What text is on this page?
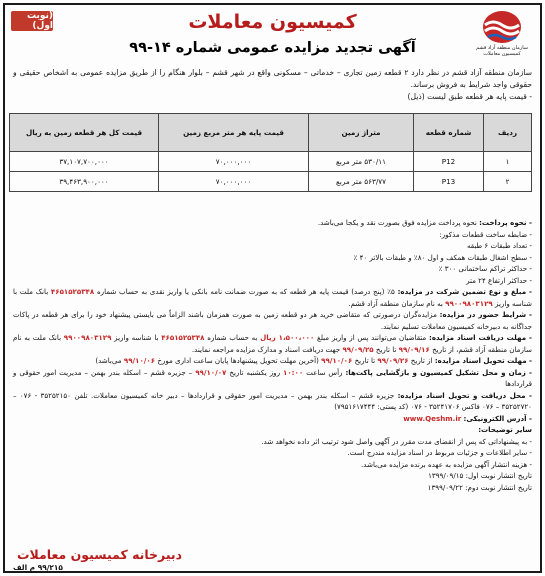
سازمان منطقه آزاد قشم
کمیسیون معاملات
(نوبت اول)	کمیسیون معاملات
آگهی تجدید مزایده عمومی شماره ۱۴-۹۹
سازمان منطقه آزاد قشم در نظر دارد ۲ قطعه زمین تجاری – خدماتی – مسکونی واقع در شهر قشم – بلوار هنگام را از طریق مزایده عمومی به اشخاص حقیقی و حقوقی واجد شرایط به فروش برساند.
- قیمت پایه هر قطعه طبق لیست (ذیل)
ردیف	شماره قطعه	متراژ زمین	قیمت پایه هر متر مربع زمین	قیمت کل هر قطعه زمین به ریال
۱	P12	۵۳۰/۱۱ متر مربع	۷۰,۰۰۰,۰۰۰	۳۷,۱۰۷,۷۰۰,۰۰۰
۲	P13	۵۶۳/۷۷ متر مربع	۷۰,۰۰۰,۰۰۰	۳۹,۴۶۳,۹۰۰,۰۰۰
- نحوه پرداخت: نحوه پرداخت مزایده فوق بصورت نقد و یکجا می‌باشد.
- ضابطه ساخت قطعات مذکور:
- تعداد طبقات ۶ طبقه
- سطح اشغال طبقات همکف و اول ۸۰٪ و طبقات بالاتر ۴۰ ٪
- حداکثر تراکم ساختمانی ۳۰۰ ٪
- حداکثر ارتفاع ۲۴ متر
- مبلغ و نوع تضمین شرکت در مزایده: ۵٪ (پنج درصد) قیمت پایه هر قطعه که به صورت ضمانت نامه بانکی یا واریز نقدی به حساب شماره ۴۶۵۱۵۲۵۳۴۸ بانک ملت با شناسه واریز ۹۹۰۰۹۸۰۳۱۲۹ به نام سازمان منطقه آزاد قشم.
- شرایط حضور در مزایده: مزایده‌گران درصورتی که متقاضی خرید هر دو قطعه زمین به صورت همزمان باشند الزاماً می بایستی پیشنهاد خود را برای هر قطعه در پاکات جداگانه به دبیرخانه کمیسیون معاملات تسلیم نمایند.
- مهلت دریافت اسناد مزایده: متقاضیان می‌توانند پس از واریز مبلغ ۱،۵۰۰،۰۰۰ ریال به حساب شماره ۴۶۵۱۵۲۵۳۴۸ با شناسه واریز ۹۹۰۰۹۸۰۳۱۲۹ بانک ملت به نام سازمان منطقه آزاد قشم، از تاریخ ۹۹/۰۹/۱۶ تا تاریخ ۹۹/۰۹/۲۵ جهت دریافت اسناد و مدارک مزایده مراجعه نمایند.
- مهلت تحویل اسناد مزایده: از تاریخ ۹۹/۰۹/۲۶ تا تاریخ ۹۹/۱۰/۰۶ (آخرین مهلت تحویل پیشنهادها پایان ساعت اداری مورخ ۹۹/۱۰/۰۶ می‌باشد)
- زمان و محل تشکیل کمیسیون و بازگشایی پاکت‌ها: رأس ساعت ۱۰:۰۰ روز یکشنبه تاریخ ۹۹/۱۰/۰۷ – جزیره قشم – اسکله بندر بهمن – مدیریت امور حقوقی و قراردادها
- محل دریافت و تحویل اسناد مزایده: جزیره قشم – اسکله بندر بهمن – مدیریت امور حقوقی و قراردادها – دبیر خانه کمیسیون معاملات. تلفن ۳۵۲۵۲۱۵۰ - ۰۷۶ – ۳۵۲۵۲۷۲۰ – ۰۷۶ فاکس ۳۵۲۴۱۷۰۶ - ۰۷۶ (کد پستی: ۷۹۵۱۶۱۷۴۴۴)
- آدرس الکترونیکی: www.Qeshm.ir
سایر توضیحات:
- به پیشنهاداتی که پس از انقضای مدت مقرر در آگهی واصل شود ترتیب اثر داده نخواهد شد.
- سایر اطلاعات و جزئیات مربوط در اسناد مزایده مندرج است.
- هزینه انتشار آگهی مزایده به عهده برنده مزایده می‌باشد.
تاریخ انتشار نوبت اول: ۱۳۹۹/۰۹/۱۵
تاریخ انتشار نوبت دوم: ۱۳۹۹/۰۹/۲۲
دبیرخانه کمیسیون معاملات
۹۹/۲۱۵ م الف
